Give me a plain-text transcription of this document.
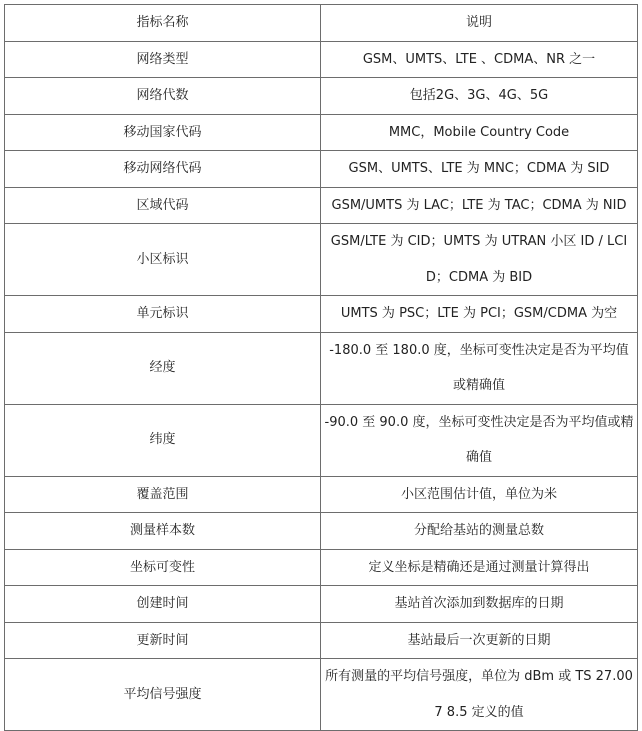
指标名称	说明
网络类型	GSM、UMTS、LTE 、CDMA、NR 之一
网络代数	包括2G、3G、4G、5G
移动国家代码	MMC，Mobile Country Code
移动网络代码	GSM、UMTS、LTE 为 MNC；CDMA 为 SID
区域代码	GSM/UMTS 为 LAC；LTE 为 TAC；CDMA 为 NID
小区标识	GSM/LTE 为 CID；UMTS 为 UTRAN 小区 ID / LCID；CDMA 为 BID
单元标识	UMTS 为 PSC；LTE 为 PCI；GSM/CDMA 为空
经度	-180.0 至 180.0 度，坐标可变性决定是否为平均值或精确值
纬度	-90.0 至 90.0 度，坐标可变性决定是否为平均值或精确值
覆盖范围	小区范围估计值，单位为米
测量样本数	分配给基站的测量总数
坐标可变性	定义坐标是精确还是通过测量计算得出
创建时间	基站首次添加到数据库的日期
更新时间	基站最后一次更新的日期
平均信号强度	所有测量的平均信号强度，单位为 dBm 或 TS 27.007 8.5 定义的值
